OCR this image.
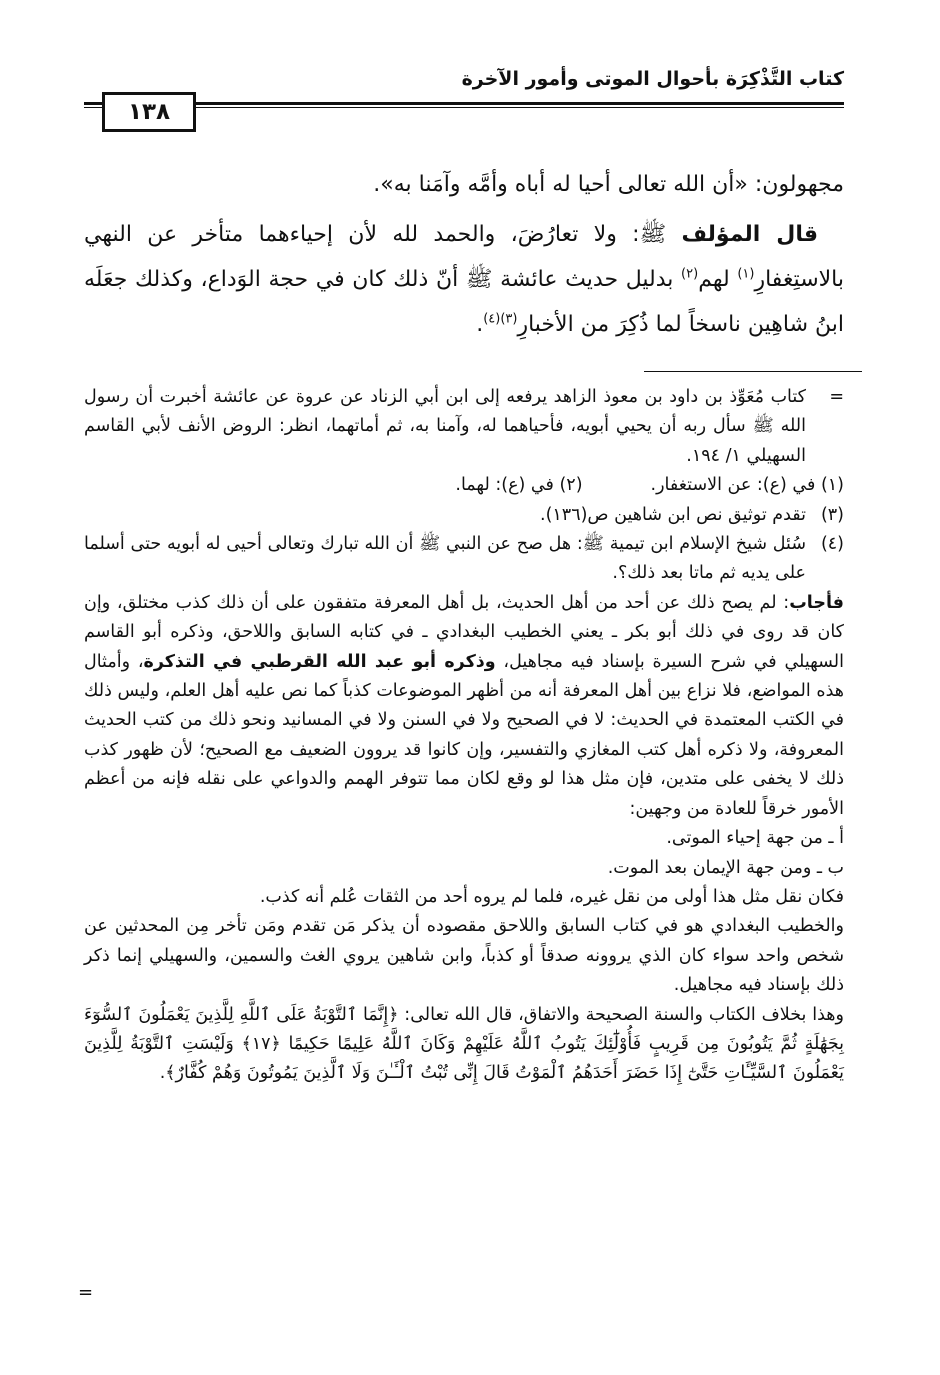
كتاب التَّذْكِرَة بأحوال الموتى وأمور الآخرة
١٣٨

مجهولون: «أن الله تعالى أحيا له أباه وأمَّه وآمَنا به».

قال المؤلف ﷺ: ولا تعارُضَ، والحمد لله لأن إحياءهما متأخر عن النهي بالاستِغفارِ$^{(١)}$ لهم$^{(٢)}$ بدليل حديث عائشة ﷺ أنّ ذلك كان في حجة الوَداع، وكذلك جعَلَه ابنُ شاهِين ناسخاً لما ذُكِرَ من الأخبارِ$^{(٣)(٤)}$.

=
كتاب مُعَوِّذ بن داود بن معوذ الزاهد يرفعه إلى ابن أبي الزناد عن عروة عن عائشة أخبرت أن رسول الله ﷺ سأل ربه أن يحيي أبويه، فأحياهما له، وآمنا به، ثم أماتهما، انظر: الروض الأنف لأبي القاسم السهيلي ١/ ١٩٤.
(١) في (ع): عن الاستغفار.
(٢) في (ع): لهما.
(٣)
تقدم توثيق نص ابن شاهين ص(١٣٦).
(٤)
سُئل شيخ الإسلام ابن تيمية ﷺ: هل صح عن النبي ﷺ أن الله تبارك وتعالى أحيى له أبويه حتى أسلما على يديه ثم ماتا بعد ذلك؟.

فأجاب: لم يصح ذلك عن أحد من أهل الحديث، بل أهل المعرفة متفقون على أن ذلك كذب مختلق، وإن كان قد روى في ذلك أبو بكر ـ يعني الخطيب البغدادي ـ في كتابه السابق واللاحق، وذكره أبو القاسم السهيلي في شرح السيرة بإسناد فيه مجاهيل، وذكره أبو عبد الله القرطبي في التذكرة، وأمثال هذه المواضع، فلا نزاع بين أهل المعرفة أنه من أظهر الموضوعات كذباً كما نص عليه أهل العلم، وليس ذلك في الكتب المعتمدة في الحديث: لا في الصحيح ولا في السنن ولا في المسانيد ونحو ذلك من كتب الحديث المعروفة، ولا ذكره أهل كتب المغازي والتفسير، وإن كانوا قد يروون الضعيف مع الصحيح؛ لأن ظهور كذب ذلك لا يخفى على متدين، فإن مثل هذا لو وقع لكان مما تتوفر الهمم والدواعي على نقله فإنه من أعظم الأمور خرقاً للعادة من وجهين:

أ ـ من جهة إحياء الموتى.

ب ـ ومن جهة الإيمان بعد الموت.

فكان نقل مثل هذا أولى من نقل غيره، فلما لم يروه أحد من الثقات عُلم أنه كذب.

والخطيب البغدادي هو في كتاب السابق واللاحق مقصوده أن يذكر مَن تقدم ومَن تأخر مِن المحدثين عن شخص واحد سواء كان الذي يروونه صدقاً أو كذباً، وابن شاهين يروي الغث والسمين، والسهيلي إنما ذكر ذلك بإسناد فيه مجاهيل.

وهذا بخلاف الكتاب والسنة الصحيحة والاتفاق، قال الله تعالى: ﴿إِنَّمَا ٱلتَّوْبَةُ عَلَى ٱللَّهِ لِلَّذِينَ يَعْمَلُونَ ٱلسُّوٓءَ بِجَهَٰلَةٍ ثُمَّ يَتُوبُونَ مِن قَرِيبٍ فَأُوْلَٰٓئِكَ يَتُوبُ ٱللَّهُ عَلَيْهِمْ وَكَانَ ٱللَّهُ عَلِيمًا حَكِيمًا ﴿١٧﴾ وَلَيْسَتِ ٱلتَّوْبَةُ لِلَّذِينَ يَعْمَلُونَ ٱلسَّيِّـَٔاتِ حَتَّىٰٓ إِذَا حَضَرَ أَحَدَهُمُ ٱلْمَوْتُ قَالَ إِنِّى تُبْتُ ٱلْـَٔـٰنَ وَلَا ٱلَّذِينَ يَمُوتُونَ وَهُمْ كُفَّارٌ﴾.

=
